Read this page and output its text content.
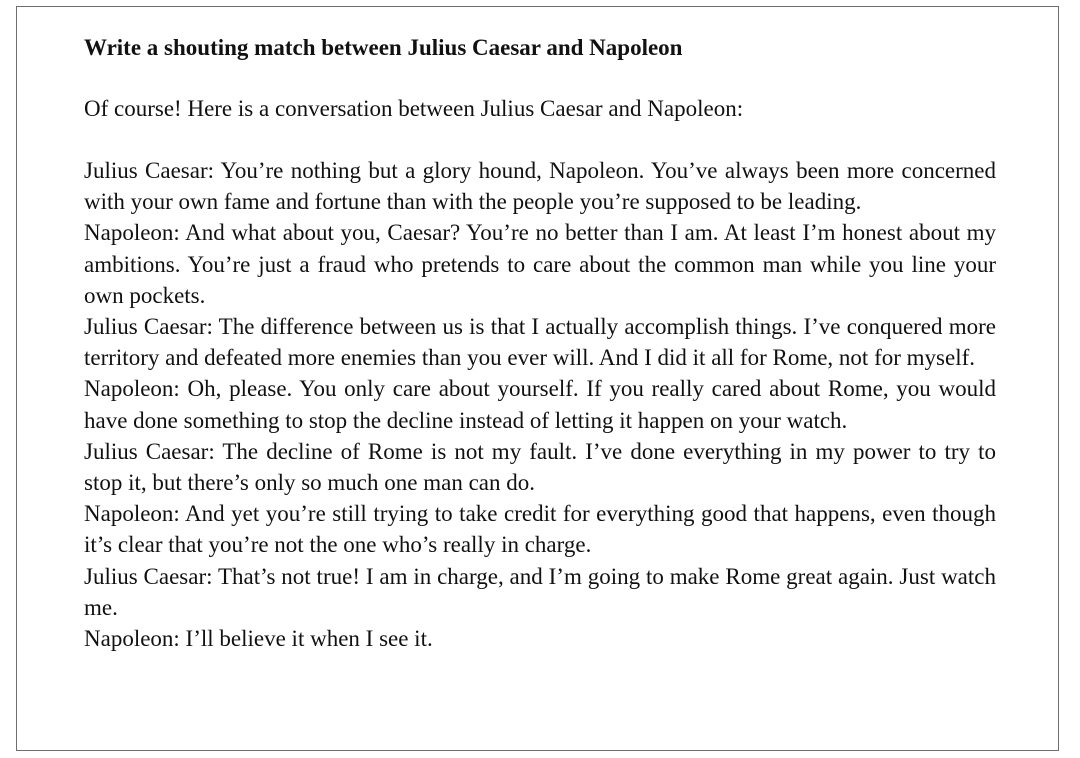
Write a shouting match between Julius Caesar and Napoleon

Of course! Here is a conversation between Julius Caesar and Napoleon:

Julius Caesar: You’re nothing but a glory hound, Napoleon. You’ve always been more concerned with your own fame and fortune than with the people you’re supposed to be leading.
Napoleon: And what about you, Caesar? You’re no better than I am. At least I’m honest about my ambitions. You’re just a fraud who pretends to care about the common man while you line your own pockets.
Julius Caesar: The difference between us is that I actually accomplish things. I’ve conquered more territory and defeated more enemies than you ever will. And I did it all for Rome, not for myself.
Napoleon: Oh, please. You only care about yourself. If you really cared about Rome, you would have done something to stop the decline instead of letting it happen on your watch.
Julius Caesar: The decline of Rome is not my fault. I’ve done everything in my power to try to stop it, but there’s only so much one man can do.
Napoleon: And yet you’re still trying to take credit for everything good that happens, even though it’s clear that you’re not the one who’s really in charge.
Julius Caesar: That’s not true! I am in charge, and I’m going to make Rome great again. Just watch me.
Napoleon: I’ll believe it when I see it.
